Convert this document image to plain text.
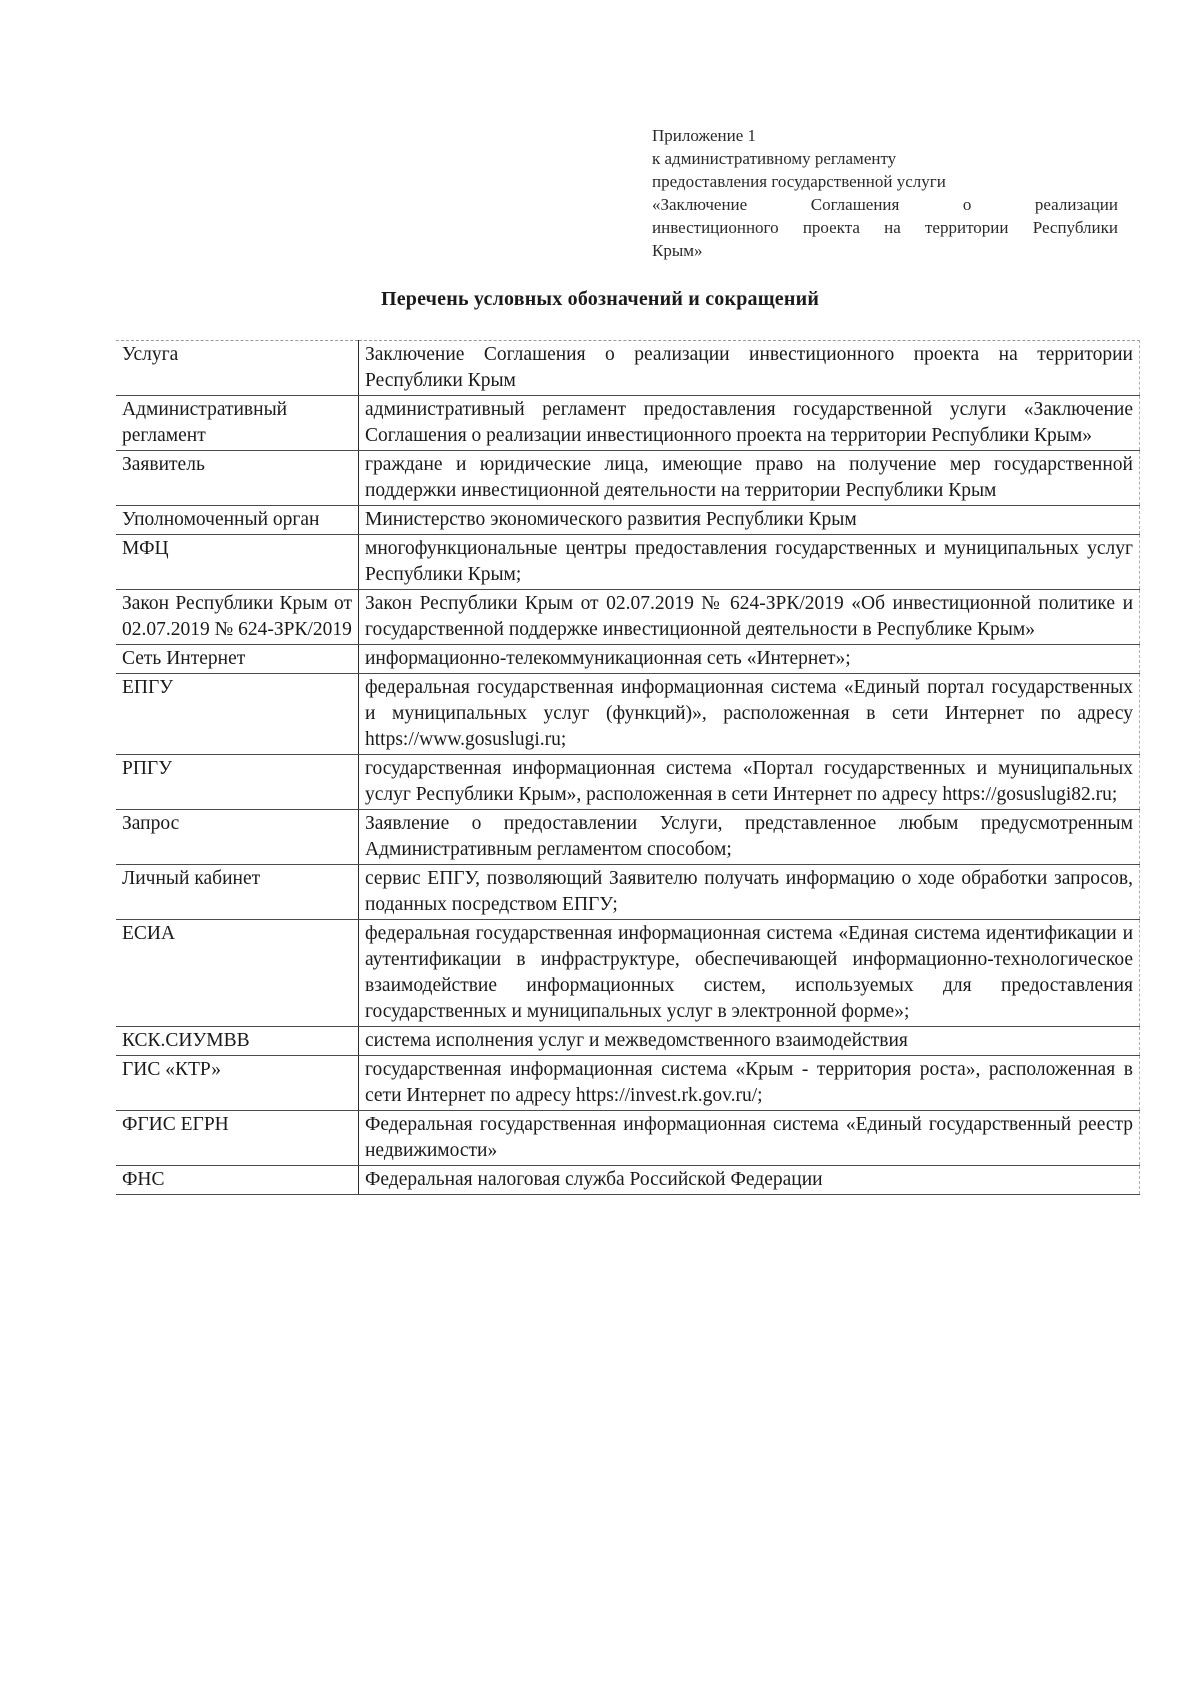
Приложение 1
к административному регламенту
предоставления государственной услуги
«Заключение Соглашения о реализации
инвестиционного проекта на территории Республики
Крым»
Перечень условных обозначений и сокращений
Услуга	Заключение Соглашения о реализации инвестиционного проекта на территории Республики Крым
Административный регламент	административный регламент предоставления государственной услуги «Заключение Соглашения о реализации инвестиционного проекта на территории Республики Крым»
Заявитель	граждане и юридические лица, имеющие право на получение мер государственной поддержки инвестиционной деятельности на территории Республики Крым
Уполномоченный орган	Министерство экономического развития Республики Крым
МФЦ	многофункциональные центры предоставления государственных и муниципальных услуг Республики Крым;
Закон Республики Крым от 02.07.2019 № 624-ЗРК/2019	Закон Республики Крым от 02.07.2019 № 624-ЗРК/2019 «Об инвестиционной политике и государственной поддержке инвестиционной деятельности в Республике Крым»
Сеть Интернет	информационно-телекоммуникационная сеть «Интернет»;
ЕПГУ	федеральная государственная информационная система «Единый портал государственных и муниципальных услуг (функций)», расположенная в сети Интернет по адресу https://www.gosuslugi.ru;
РПГУ	государственная информационная система «Портал государственных и муниципальных услуг Республики Крым», расположенная в сети Интернет по адресу https://gosuslugi82.ru;
Запрос	Заявление о предоставлении Услуги, представленное любым предусмотренным Административным регламентом способом;
Личный кабинет	сервис ЕПГУ, позволяющий Заявителю получать информацию о ходе обработки запросов, поданных посредством ЕПГУ;
ЕСИА	федеральная государственная информационная система «Единая система идентификации и аутентификации в инфраструктуре, обеспечивающей информационно-технологическое взаимодействие информационных систем, используемых для предоставления государственных и муниципальных услуг в электронной форме»;
КСК.СИУМВВ	система исполнения услуг и межведомственного взаимодействия
ГИС «КТР»	государственная информационная система «Крым - территория роста», расположенная в сети Интернет по адресу https://invest.rk.gov.ru/;
ФГИС ЕГРН	Федеральная государственная информационная система «Единый государственный реестр недвижимости»
ФНС	Федеральная налоговая служба Российской Федерации
